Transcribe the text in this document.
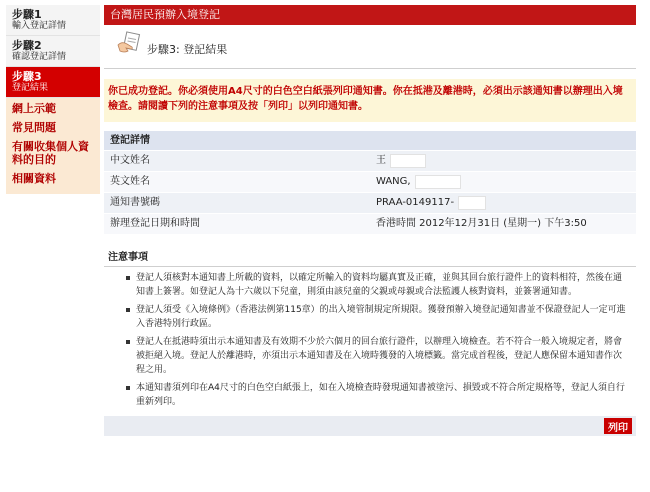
步驟1
輸入登記詳情
步驟2
確認登記詳情
步驟3
登記結果
網上示範
常見問題
有關收集個人資料的目的
相關資料
台灣居民預辦入境登記
步驟3: 登記結果
你已成功登記。你必須使用A4尺寸的白色空白紙張列印通知書。你在抵港及離港時，必須出示該通知書以辦理出入境檢查。請閱讀下列的注意事項及按「列印」以列印通知書。
登記詳情
中文姓名	王
英文姓名	WANG,
通知書號碼	PRAA-0149117-
辦理登記日期和時間	香港時間 2012年12月31日 (星期一) 下午3:50
注意事項
登記人須核對本通知書上所載的資料，以確定所輸入的資料均屬真實及正確，並與其回台旅行證件上的資料相符，然後在通知書上簽署。如登記人為十六歲以下兒童，則須由該兒童的父親或母親或合法監護人核對資料，並簽署通知書。
登記人須受《入境條例》（香港法例第115章）的出入境管制規定所規限。獲發預辦入境登記通知書並不保證登記人一定可進入香港特別行政區。
登記人在抵港時須出示本通知書及有效期不少於六個月的回台旅行證件，以辦理入境檢查。若不符合一般入境規定者，將會被拒絕入境。登記人於離港時，亦須出示本通知書及在入境時獲發的入境標籤。當完成首程後，登記人應保留本通知書作次程之用。
本通知書須列印在A4尺寸的白色空白紙張上，如在入境檢查時發現通知書被塗污、損毀或不符合所定規格等，登記人須自行重新列印。
列印
